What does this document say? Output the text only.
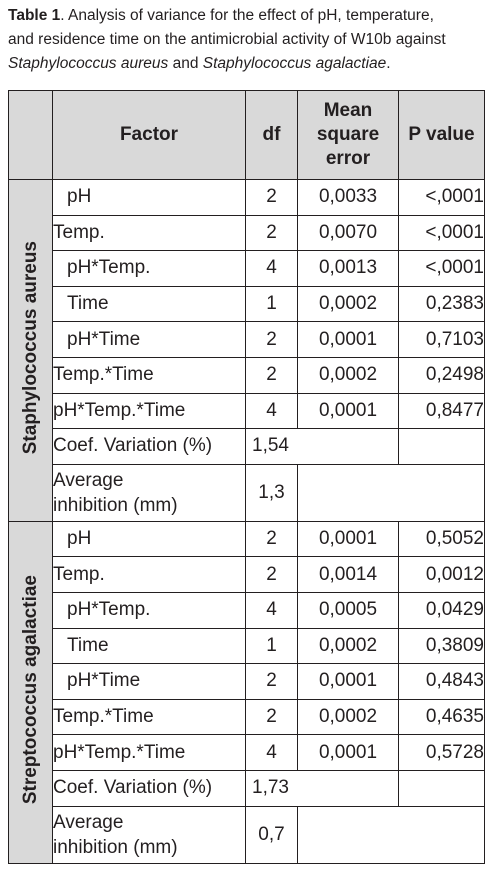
Table 1. Analysis of variance for the effect of pH, temperature,
and residence time on the antimicrobial activity of W10b against
Staphylococcus aureus and Staphylococcus agalactiae.
	Factor	df	Mean
square
error	P value
Staphylococcus aureus	pH	2	0,0033	<,0001
	Temp.	2	0,0070	<,0001
	pH*Temp.	4	0,0013	<,0001
	Time	1	0,0002	0,2383
	pH*Time	2	0,0001	0,7103
	Temp.*Time	2	0,0002	0,2498
	pH*Temp.*Time	4	0,0001	0,8477
	Coef. Variation (%)	1,54		
	Average
inhibition (mm)	1,3		
Streptococcus agalactiae	pH	2	0,0001	0,5052
	Temp.	2	0,0014	0,0012
	pH*Temp.	4	0,0005	0,0429
	Time	1	0,0002	0,3809
	pH*Time	2	0,0001	0,4843
	Temp.*Time	2	0,0002	0,4635
	pH*Temp.*Time	4	0,0001	0,5728
	Coef. Variation (%)	1,73		
	Average
inhibition (mm)	0,7		
